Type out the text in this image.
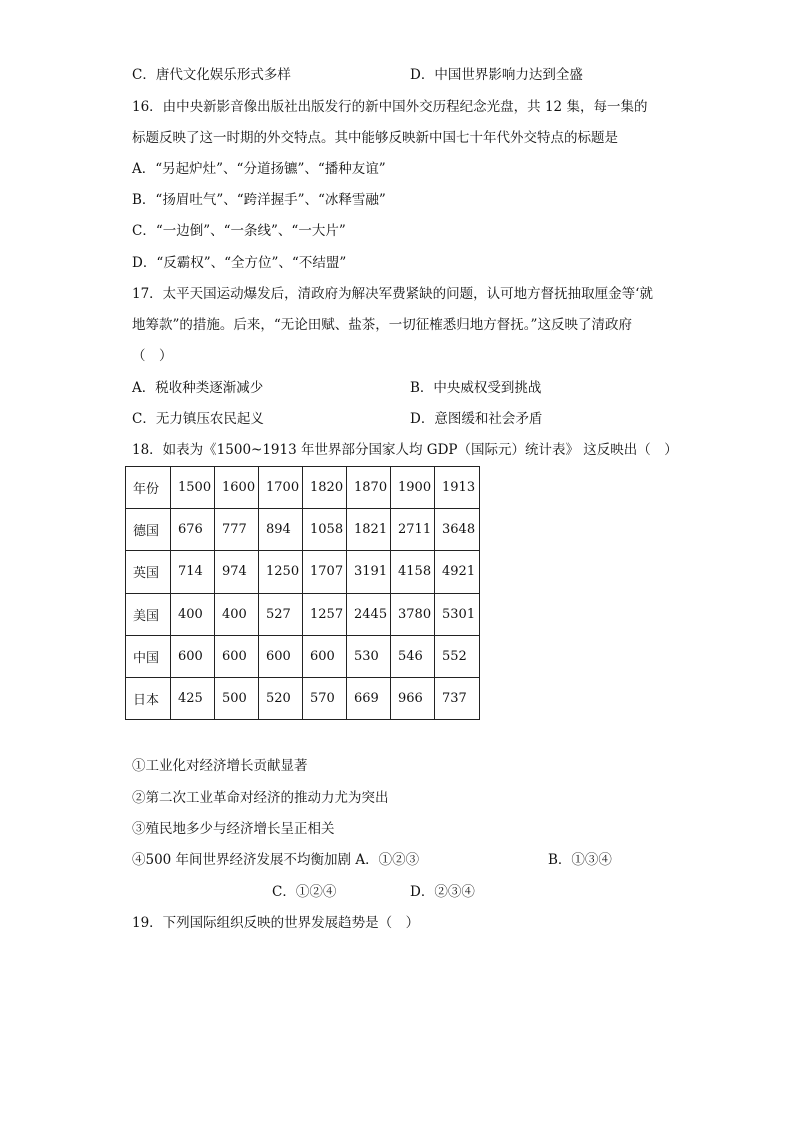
C．唐代文化娱乐形式多样	D．中国世界影响力达到全盛
16．由中央新影音像出版社出版发行的新中国外交历程纪念光盘，共 12 集，每一集的
标题反映了这一时期的外交特点。其中能够反映新中国七十年代外交特点的标题是
A．“另起炉灶”、“分道扬镳”、“播种友谊”
B．“扬眉吐气”、“跨洋握手”、“冰释雪融”
C．“一边倒”、“一条线”、“一大片”
D．“反霸权”、“全方位”、“不结盟”
17．太平天国运动爆发后，清政府为解决军费紧缺的问题，认可地方督抚抽取厘金等‘就
地筹款”的措施。后来，“无论田赋、盐茶，一切征榷悉归地方督抚。”这反映了清政府
（　）
A．税收种类逐渐减少	B．中央威权受到挑战
C．无力镇压农民起义	D．意图缓和社会矛盾
18．如表为《1500~1913 年世界部分国家人均 GDP（国际元）统计表》 这反映出（　）
年份	1500	1600	1700	1820	1870	1900	1913
德国	676	777	894	1058	1821	2711	3648
英国	714	974	1250	1707	3191	4158	4921
美国	400	400	527	1257	2445	3780	5301
中国	600	600	600	600	530	546	552
日本	425	500	520	570	669	966	737
①工业化对经济增长贡献显著
②第二次工业革命对经济的推动力尤为突出
③殖民地多少与经济增长呈正相关
④500 年间世界经济发展不均衡加剧 A．①②③	B．①③④
C．①②④	D．②③④
19．下列国际组织反映的世界发展趋势是（　）
